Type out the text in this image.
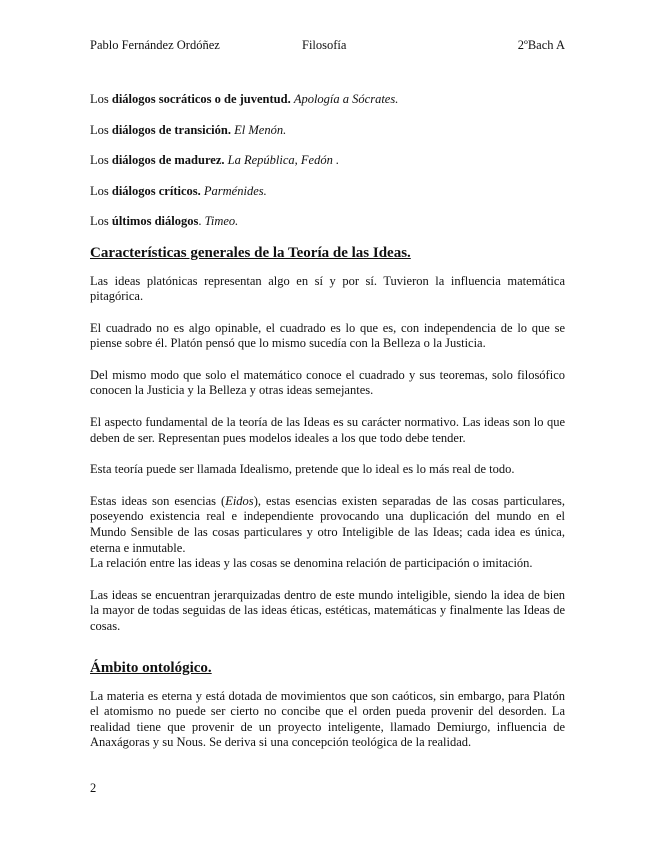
Pablo Fernández Ordóñez	Filosofía	2ºBach A
Los diálogos socráticos o de juventud. Apología a Sócrates.
Los diálogos de transición. El Menón.
Los diálogos de madurez. La República, Fedón .
Los diálogos críticos. Parménides.
Los últimos diálogos. Timeo.
Características generales de la Teoría de las Ideas.

Las ideas platónicas representan algo en sí y por sí. Tuvieron la influencia matemática pitagórica.

El cuadrado no es algo opinable, el cuadrado es lo que es, con independencia de lo que se piense sobre él. Platón pensó que lo mismo sucedía con la Belleza o la Justicia.

Del mismo modo que solo el matemático conoce el cuadrado y sus teoremas, solo filosófico conocen la Justicia y la Belleza y otras ideas semejantes.

El aspecto fundamental de la teoría de las Ideas es su carácter normativo. Las ideas son lo que deben de ser. Representan pues modelos ideales a los que todo debe tender.

Esta teoría puede ser llamada Idealismo, pretende que lo ideal es lo más real de todo.

Estas ideas son esencias (Eidos), estas esencias existen separadas de las cosas particulares, poseyendo existencia real e independiente provocando una duplicación del mundo en el Mundo Sensible de las cosas particulares y otro Inteligible de las Ideas; cada idea es única, eterna e inmutable.

La relación entre las ideas y las cosas se denomina relación de participación o imitación.

Las ideas se encuentran jerarquizadas dentro de este mundo inteligible, siendo la idea de bien la mayor de todas seguidas de las ideas éticas, estéticas, matemáticas y finalmente las Ideas de cosas.

Ámbito ontológico.

La materia es eterna y está dotada de movimientos que son caóticos, sin embargo, para Platón el atomismo no puede ser cierto no concibe que el orden pueda provenir del desorden. La realidad tiene que provenir de un proyecto inteligente, llamado Demiurgo, influencia de Anaxágoras y su Nous. Se deriva si una concepción teológica de la realidad.

2
